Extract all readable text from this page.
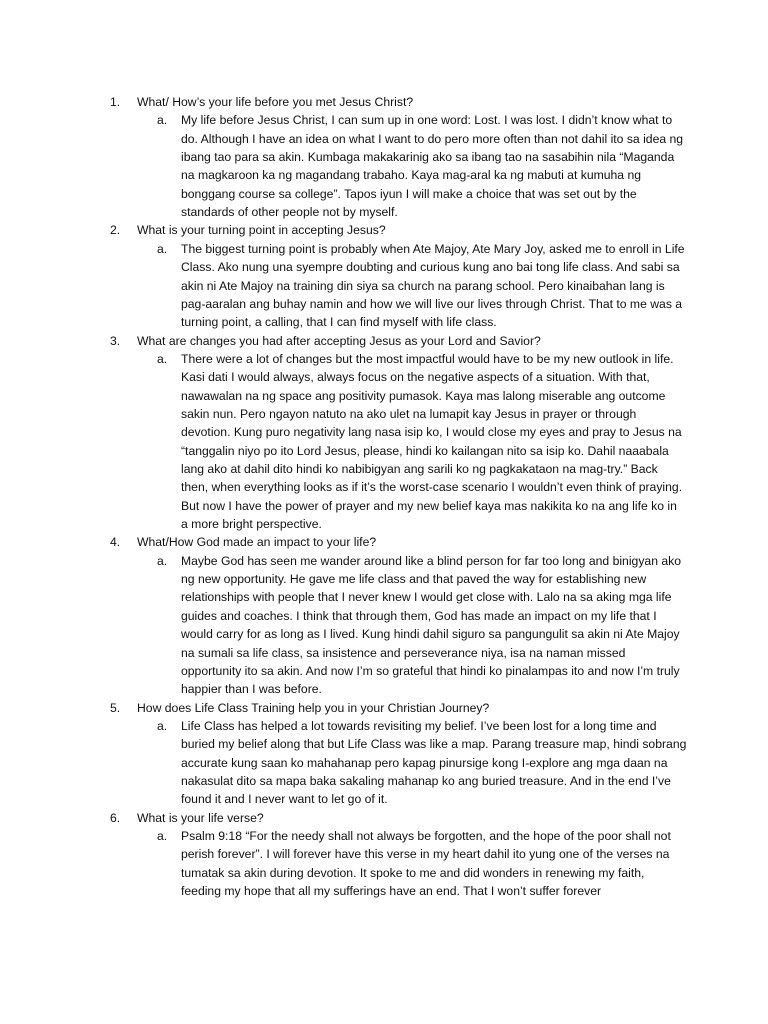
1.	What/ How’s your life before you met Jesus Christ?
a. My life before Jesus Christ, I can sum up in one word: Lost. I was lost. I didn’t know what to do. Although I have an idea on what I want to do pero more often than not dahil ito sa idea ng ibang tao para sa akin. Kumbaga makakarinig ako sa ibang tao na sasabihin nila “Maganda na magkaroon ka ng magandang trabaho. Kaya mag-aral ka ng mabuti at kumuha ng bonggang course sa college”. Tapos iyun I will make a choice that was set out by the standards of other people not by myself.
2.	What is your turning point in accepting Jesus?
a. The biggest turning point is probably when Ate Majoy, Ate Mary Joy, asked me to enroll in Life Class. Ako nung una syempre doubting and curious kung ano bai tong life class. And sabi sa akin ni Ate Majoy na training din siya sa church na parang school. Pero kinaibahan lang is pag-aaralan ang buhay namin and how we will live our lives through Christ. That to me was a turning point, a calling, that I can find myself with life class.
3.	What are changes you had after accepting Jesus as your Lord and Savior?
a. There were a lot of changes but the most impactful would have to be my new outlook in life. Kasi dati I would always, always focus on the negative aspects of a situation. With that, nawawalan na ng space ang positivity pumasok. Kaya mas lalong miserable ang outcome sakin nun. Pero ngayon natuto na ako ulet na lumapit kay Jesus in prayer or through devotion. Kung puro negativity lang nasa isip ko, I would close my eyes and pray to Jesus na “tanggalin niyo po ito Lord Jesus, please, hindi ko kailangan nito sa isip ko. Dahil naaabala lang ako at dahil dito hindi ko nabibigyan ang sarili ko ng pagkakataon na mag-try.” Back then, when everything looks as if it’s the worst-case scenario I wouldn’t even think of praying. But now I have the power of prayer and my new belief kaya mas nakikita ko na ang life ko in a more bright perspective.
4.	What/How God made an impact to your life?
a. Maybe God has seen me wander around like a blind person for far too long and binigyan ako ng new opportunity. He gave me life class and that paved the way for establishing new relationships with people that I never knew I would get close with. Lalo na sa aking mga life guides and coaches. I think that through them, God has made an impact on my life that I would carry for as long as I lived. Kung hindi dahil siguro sa pangungulit sa akin ni Ate Majoy na sumali sa life class, sa insistence and perseverance niya, isa na naman missed opportunity ito sa akin. And now I’m so grateful that hindi ko pinalampas ito and now I’m truly happier than I was before.
5.	How does Life Class Training help you in your Christian Journey?
a. Life Class has helped a lot towards revisiting my belief. I’ve been lost for a long time and buried my belief along that but Life Class was like a map. Parang treasure map, hindi sobrang accurate kung saan ko mahahanap pero kapag pinursige kong I-explore ang mga daan na nakasulat dito sa mapa baka sakaling mahanap ko ang buried treasure. And in the end I’ve found it and I never want to let go of it.
6.	What is your life verse?
a. Psalm 9:18 “For the needy shall not always be forgotten, and the hope of the poor shall not perish forever”. I will forever have this verse in my heart dahil ito yung one of the verses na tumatak sa akin during devotion. It spoke to me and did wonders in renewing my faith, feeding my hope that all my sufferings have an end. That I won’t suffer forever
